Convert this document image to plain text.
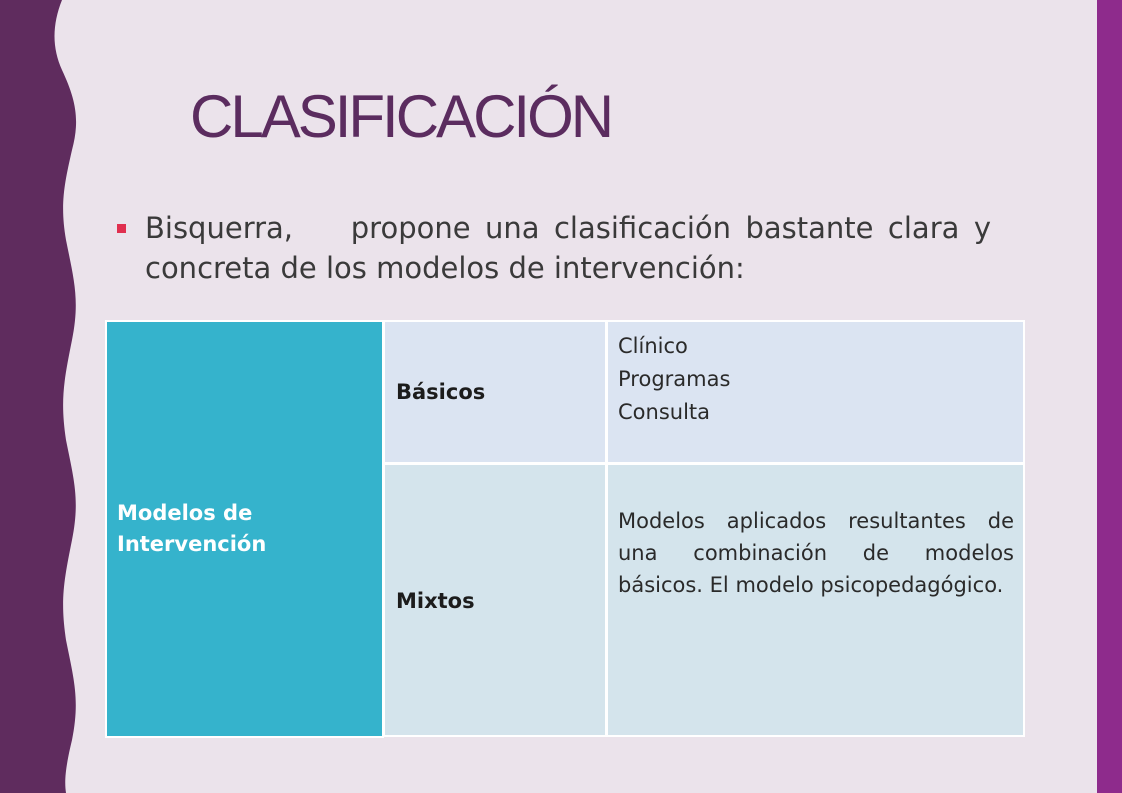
CLASIFICACIÓN
Bisquerra,    propone una clasificación bastante clara y concreta de los modelos de intervención:
Modelos de Intervención
Básicos
Clínico
Programas
Consulta
Mixtos
Modelos aplicados resultantes de una combinación de modelos básicos. El modelo psicopedagógico.
